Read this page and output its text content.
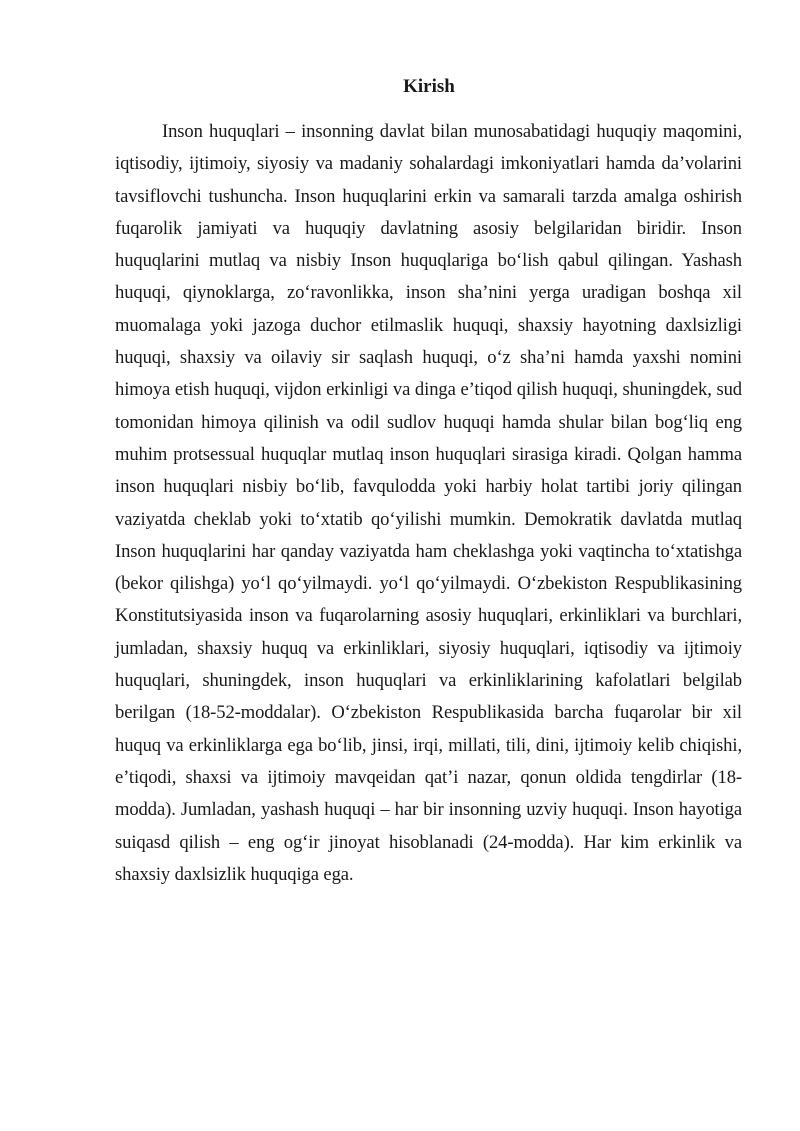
Kirish

Inson huquqlari – insonning davlat bilan munosabatidagi huquqiy maqomini, iqtisodiy, ijtimoiy, siyosiy va madaniy sohalardagi imkoniyatlari hamda da’volarini tavsiflovchi tushuncha. Inson huquqlarini erkin va samarali tarzda amalga oshirish fuqarolik jamiyati va huquqiy davlatning asosiy belgilaridan biridir. Inson huquqlarini mutlaq va nisbiy Inson huquqlariga bo‘lish qabul qilingan. Yashash huquqi, qiynoklarga, zo‘ravonlikka, inson sha’nini yerga uradigan boshqa xil muomalaga yoki jazoga duchor etilmaslik huquqi, shaxsiy hayotning daxlsizligi huquqi, shaxsiy va oilaviy sir saqlash huquqi, o‘z sha’ni hamda yaxshi nomini himoya etish huquqi, vijdon erkinligi va dinga e’tiqod qilish huquqi, shuningdek, sud tomonidan himoya qilinish va odil sudlov huquqi hamda shular bilan bog‘liq eng muhim protsessual huquqlar mutlaq inson huquqlari sirasiga kiradi. Qolgan hamma inson huquqlari nisbiy bo‘lib, favqulodda yoki harbiy holat tartibi joriy qilingan vaziyatda cheklab yoki to‘xtatib qo‘yilishi mumkin. Demokratik davlatda mutlaq Inson huquqlarini har qanday vaziyatda ham cheklashga yoki vaqtincha to‘xtatishga (bekor qilishga) yo‘l qo‘yilmaydi. yo‘l qo‘yilmaydi. O‘zbekiston Respublikasining Konstitutsiyasida inson va fuqarolarning asosiy huquqlari, erkinliklari va burchlari, jumladan, shaxsiy huquq va erkinliklari, siyosiy huquqlari, iqtisodiy va ijtimoiy huquqlari, shuningdek, inson huquqlari va erkinliklarining kafolatlari belgilab berilgan (18-52-moddalar). O‘zbekiston Respublikasida barcha fuqarolar bir xil huquq va erkinliklarga ega bo‘lib, jinsi, irqi, millati, tili, dini, ijtimoiy kelib chiqishi, e’tiqodi, shaxsi va ijtimoiy mavqeidan qat’i nazar, qonun oldida tengdirlar (18-modda). Jumladan, yashash huquqi – har bir insonning uzviy huquqi. Inson hayotiga suiqasd qilish – eng og‘ir jinoyat hisoblanadi (24-modda). Har kim erkinlik va shaxsiy daxlsizlik huquqiga ega.
